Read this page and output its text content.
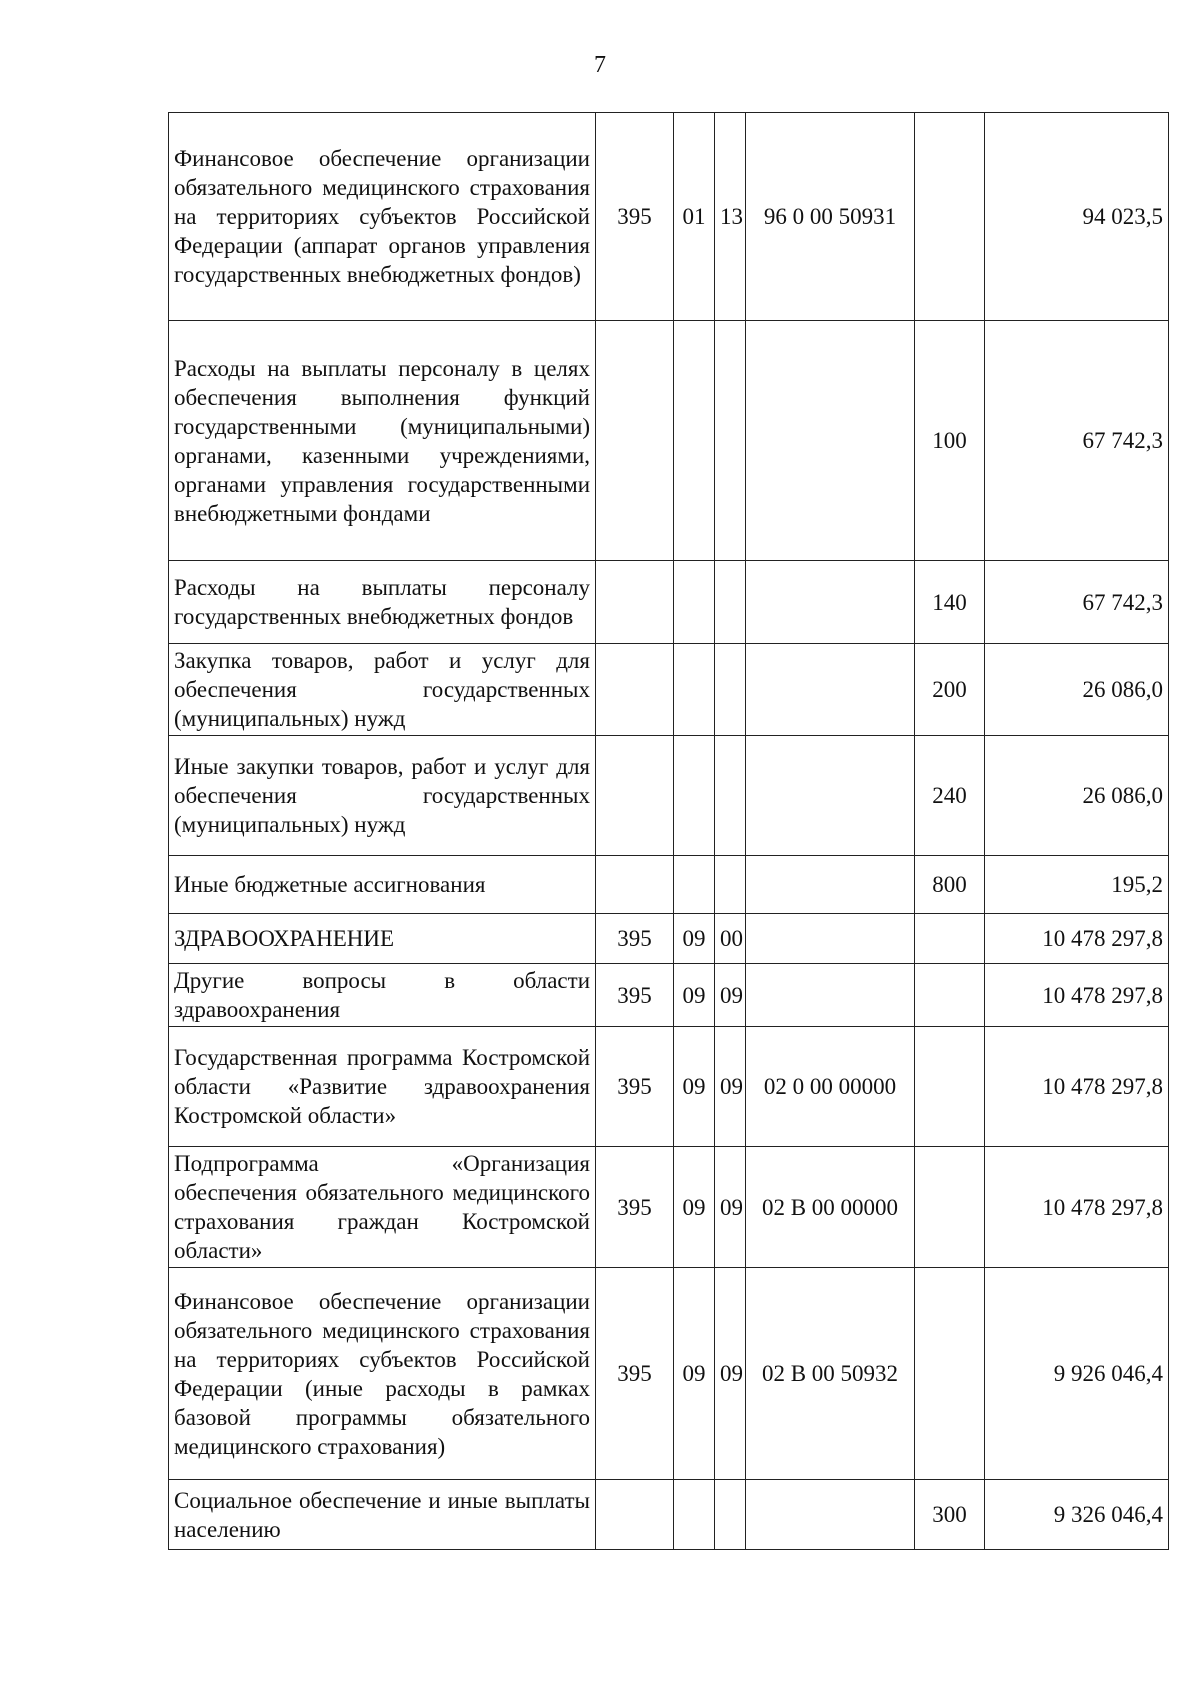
7
Финансовое обеспечение организации обязательного медицинского страхования на территориях субъектов Российской Федерации (аппарат органов управления государственных внебюджетных фондов)	395	01	13	96 0 00 50931		94 023,5
Расходы на выплаты персоналу в целях обеспечения выполнения функций государственными (муниципальными) органами, казенными учреждениями, органами управления государственными внебюджетными фондами					100	67 742,3
Расходы на выплаты персоналу государственных внебюджетных фондов					140	67 742,3
Закупка товаров, работ и услуг для обеспечения государственных (муниципальных) нужд					200	26 086,0
Иные закупки товаров, работ и услуг для обеспечения государственных (муниципальных) нужд					240	26 086,0
Иные бюджетные ассигнования					800	195,2
ЗДРАВООХРАНЕНИЕ	395	09	00			10 478 297,8
Другие вопросы в области здравоохранения	395	09	09			10 478 297,8
Государственная программа Костромской области «Развитие здравоохранения Костромской области»	395	09	09	02 0 00 00000		10 478 297,8
Подпрограмма «Организация обеспечения обязательного медицинского страхования граждан Костромской области»	395	09	09	02 В 00 00000		10 478 297,8
Финансовое обеспечение организации обязательного медицинского страхования на территориях субъектов Российской Федерации (иные расходы в рамках базовой программы обязательного медицинского страхования)	395	09	09	02 В 00 50932		9 926 046,4
Социальное обеспечение и иные выплаты населению					300	9 326 046,4
